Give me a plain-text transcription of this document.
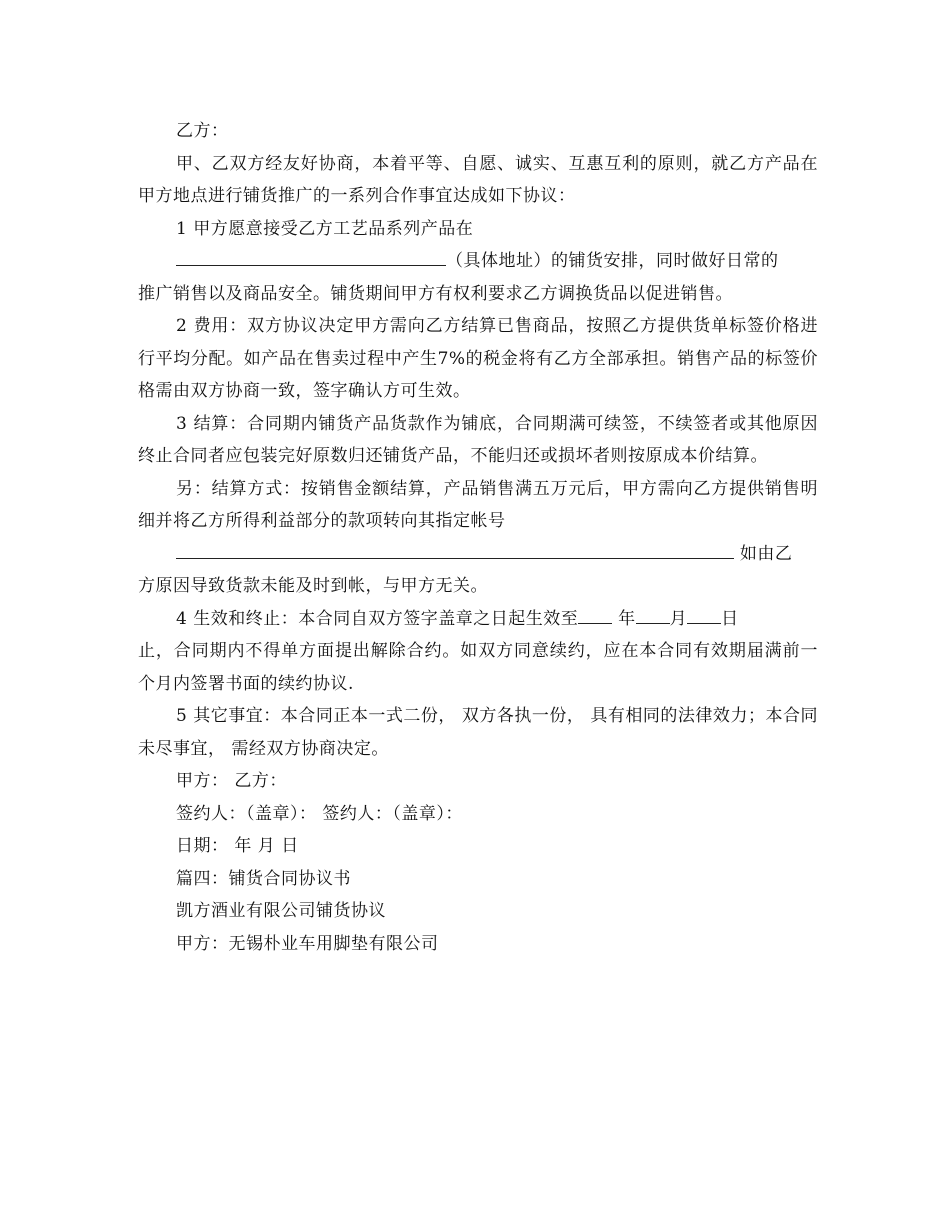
乙方：

甲、乙双方经友好协商，本着平等、自愿、诚实、互惠互利的原则，就乙方产品在甲方地点进行铺货推广的一系列合作事宜达成如下协议：

1 甲方愿意接受乙方工艺品系列产品在
（具体地址）的铺货安排，同时做好日常的

推广销售以及商品安全。铺货期间甲方有权利要求乙方调换货品以促进销售。

2 费用：双方协议决定甲方需向乙方结算已售商品，按照乙方提供货单标签价格进行平均分配。如产品在售卖过程中产生7%的税金将有乙方全部承担。销售产品的标签价格需由双方协商一致，签字确认方可生效。

3 结算：合同期内铺货产品货款作为铺底，合同期满可续签，不续签者或其他原因终止合同者应包装完好原数归还铺货产品，不能归还或损坏者则按原成本价结算。

另：结算方式：按销售金额结算，产品销售满五万元后，甲方需向乙方提供销售明细并将乙方所得利益部分的款项转向其指定帐号

如由乙

方原因导致货款未能及时到帐，与甲方无关。

4 生效和终止：本合同自双方签字盖章之日起生效至 年 月 日

止，合同期内不得单方面提出解除合约。如双方同意续约，应在本合同有效期届满前一个月内签署书面的续约协议.

5 其它事宜：本合同正本一式二份， 双方各执一份， 具有相同的法律效力；本合同未尽事宜， 需经双方协商决定。

甲方： 乙方：

签约人：（盖章）： 签约人：（盖章）：

日期： 年 月 日

篇四：铺货合同协议书

凯方酒业有限公司铺货协议

甲方：无锡朴业车用脚垫有限公司
